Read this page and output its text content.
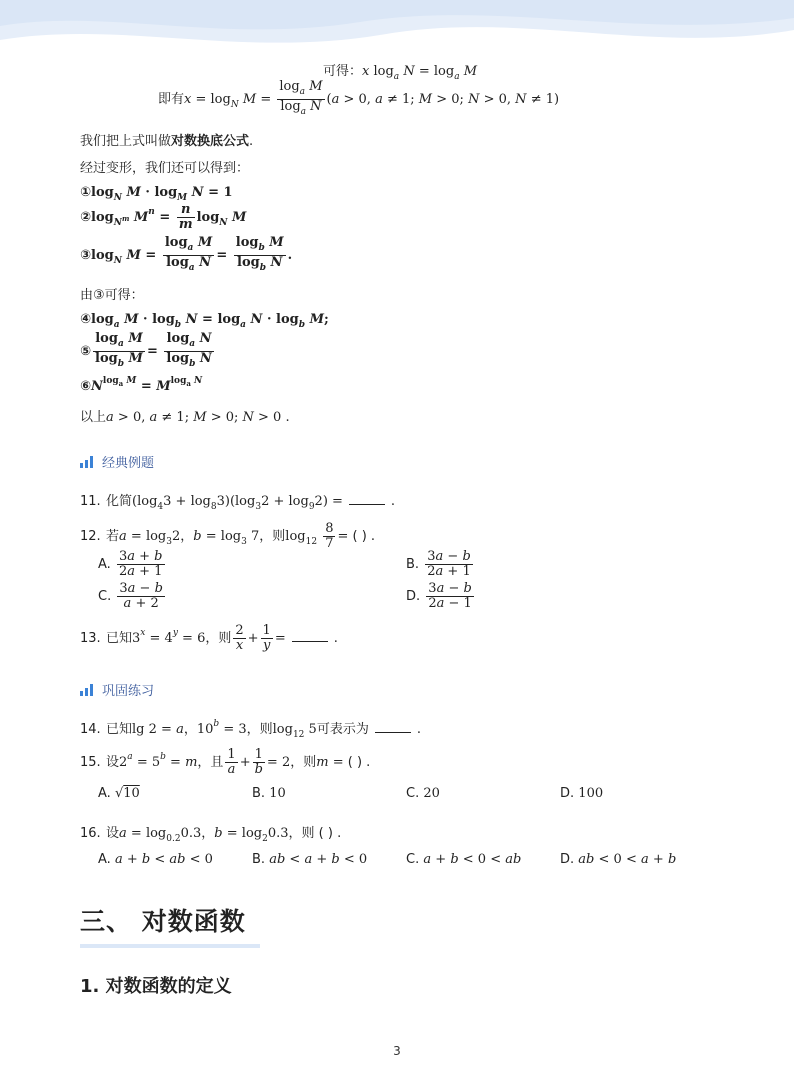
可得：x $\log_a N = \log_a M$
即有$x = \log_N M = \frac{\log_a M}{\log_a N} (a > 0$, a ≠ 1; M > 0; N > 0, N ≠ 1)
我们把上式叫做对数换底公式.
经过变形，我们还可以得到：
$①\log_N$ $M \cdot \log_M N = 1$
$②\log_{N^m}$ $M^n = \frac{n}{m} \log_N M$
$③\log_N$ $M = \frac{\log_a M}{\log_a N} = \frac{\log_b M}{\log_b N}$ .
由③可得：
$④\log_a$ $M \cdot \log_b N = \log_a N \cdot \log_b M$;
⑤ $\frac{\log_a M}{\log_b M} = \frac{\log_a N}{\log_b N}$
$⑥N^{log_a M} = M^{log_a N}$
以上a > 0, a ≠ 1; M > 0; N > 0 .
经典例题
11. 化简$(\log_43 + \log_83)(\log_32 + \log_92)$ =	.
12. 若$a = \log_32$，$b = \log_3 7$，则$\log_{12} \frac{8}{7}$ = ( ) .
A. $\frac{3a + b}{2a + 1}$	B. $\frac{3a - b}{2a + 1}$
C. $\frac{3a - b}{a + 2}$	D. $\frac{3a - b}{2a - 1}$
13. 已知$3^x = 4^y = 6$，则 $\frac{2}{x} + \frac{1}{y}$ =	.
巩固练习
14. 已知lg 2 = a，$10^b = 3$，则$\log_{12} 5$可表示为	.
15. 设$2^a = 5^b = m$，且 $\frac{1}{a} + \frac{1}{b} = 2$，则m = ( ) .
A. √10	B. 10	C. 20	D. 100
16. 设$a = \log_{0.2}0.3$，$b = \log_20.3$，则 ( ) .
A. a + b < ab < 0	B. ab < a + b < 0	C. a + b < 0 < ab	D. ab < 0 < a + b
三、 对数函数
1. 对数函数的定义
3
